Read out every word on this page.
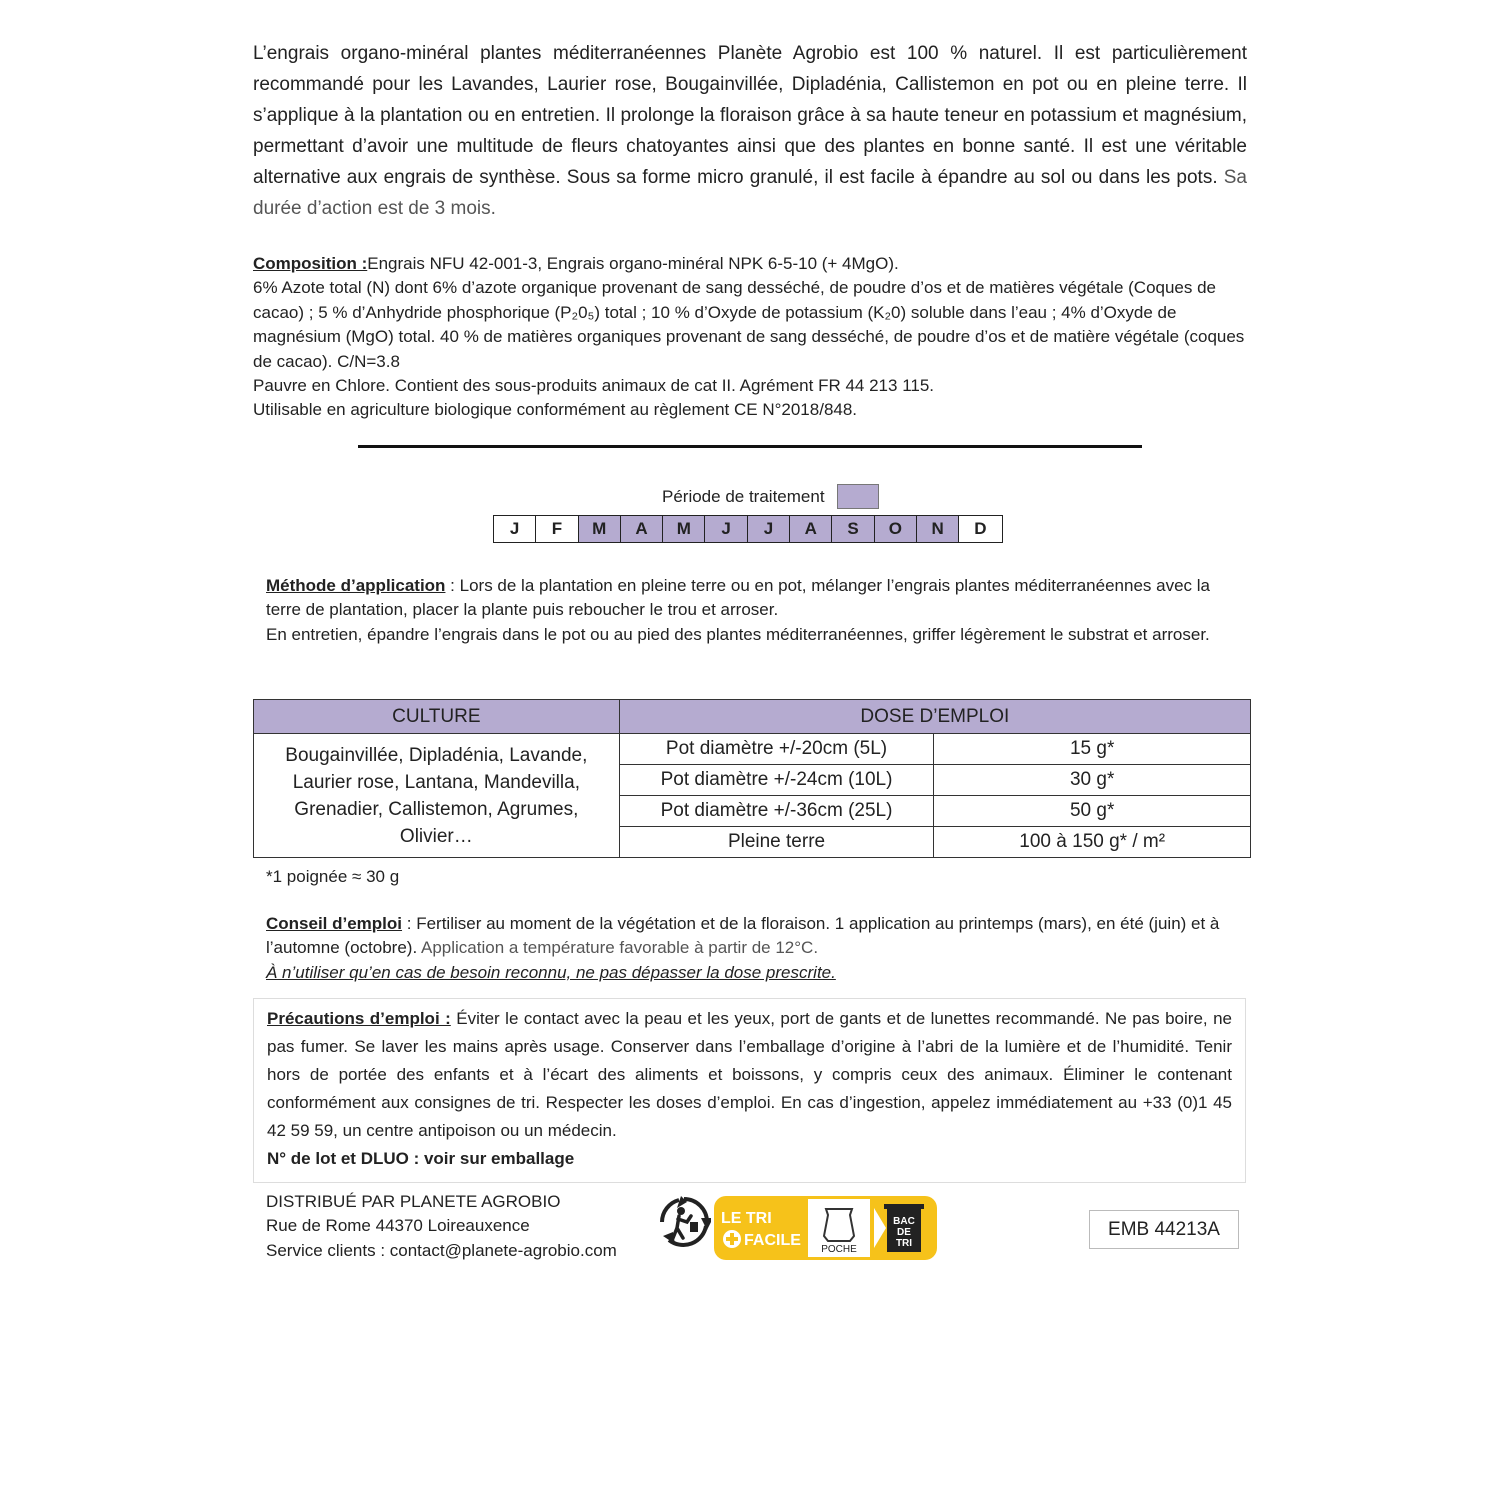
L’engrais organo-minéral plantes méditerranéennes Planète Agrobio est 100 % naturel. Il est particulièrement recommandé pour les Lavandes, Laurier rose, Bougainvillée, Dipladénia, Callistemon en pot ou en pleine terre. Il s’applique à la plantation ou en entretien. Il prolonge la floraison grâce à sa haute teneur en potassium et magnésium, permettant d’avoir une multitude de fleurs chatoyantes ainsi que des plantes en bonne santé. Il est une véritable alternative aux engrais de synthèse. Sous sa forme micro granulé, il est facile à épandre au sol ou dans les pots. Sa durée d’action est de 3 mois.

Composition :Engrais NFU 42-001-3, Engrais organo-minéral NPK 6-5-10 (+ 4MgO).

6% Azote total (N) dont 6% d’azote organique provenant de sang desséché, de poudre d’os et de matières végétale (Coques de cacao) ; 5 % d’Anhydride phosphorique (P₂0₅) total ; 10 % d’Oxyde de potassium (K₂0) soluble dans l’eau ; 4% d’Oxyde de magnésium (MgO) total. 40 % de matières organiques provenant de sang desséché, de poudre d’os et de matière végétale (coques de cacao). C/N=3.8

Pauvre en Chlore. Contient des sous-produits animaux de cat II. Agrément FR 44 213 115.

Utilisable en agriculture biologique conformément au règlement CE N°2018/848.

Période de traitement
J	F	M	A	M	J	J	A	S	O	N	D

Méthode d’application : Lors de la plantation en pleine terre ou en pot, mélanger l’engrais plantes méditerranéennes avec la terre de plantation, placer la plante puis reboucher le trou et arroser.

En entretien, épandre l’engrais dans le pot ou au pied des plantes méditerranéennes, griffer légèrement le substrat et arroser.

CULTURE	DOSE D’EMPLOI	
Bougainvillée, Dipladénia, Lavande, Laurier rose, Lantana, Mandevilla, Grenadier, Callistemon, Agrumes, Olivier…	Pot diamètre +/-20cm (5L)	15 g*
	Pot diamètre +/-24cm (10L)	30 g*
	Pot diamètre +/-36cm (25L)	50 g*
	Pleine terre	100 à 150 g* / m²
*1 poignée ≈ 30 g

Conseil d’emploi : Fertiliser au moment de la végétation et de la floraison. 1 application au printemps (mars), en été (juin) et à l’automne (octobre). Application a température favorable à partir de 12°C.

À n’utiliser qu’en cas de besoin reconnu, ne pas dépasser la dose prescrite.

Précautions d’emploi : Éviter le contact avec la peau et les yeux, port de gants et de lunettes recommandé. Ne pas boire, ne pas fumer. Se laver les mains après usage. Conserver dans l’emballage d’origine à l’abri de la lumière et de l’humidité. Tenir hors de portée des enfants et à l’écart des aliments et boissons, y compris ceux des animaux. Éliminer le contenant conformément aux consignes de tri. Respecter les doses d’emploi. En cas d’ingestion, appelez immédiatement au +33 (0)1 45 42 59 59, un centre antipoison ou un médecin.

N° de lot et DLUO : voir sur emballage

DISTRIBUÉ PAR PLANETE AGROBIO

Rue de Rome 44370 Loireauxence

Service clients : contact@planete-agrobio.com

LE TRI
FACILE
POCHE
BAC
DE
TRI
EMB 44213A
